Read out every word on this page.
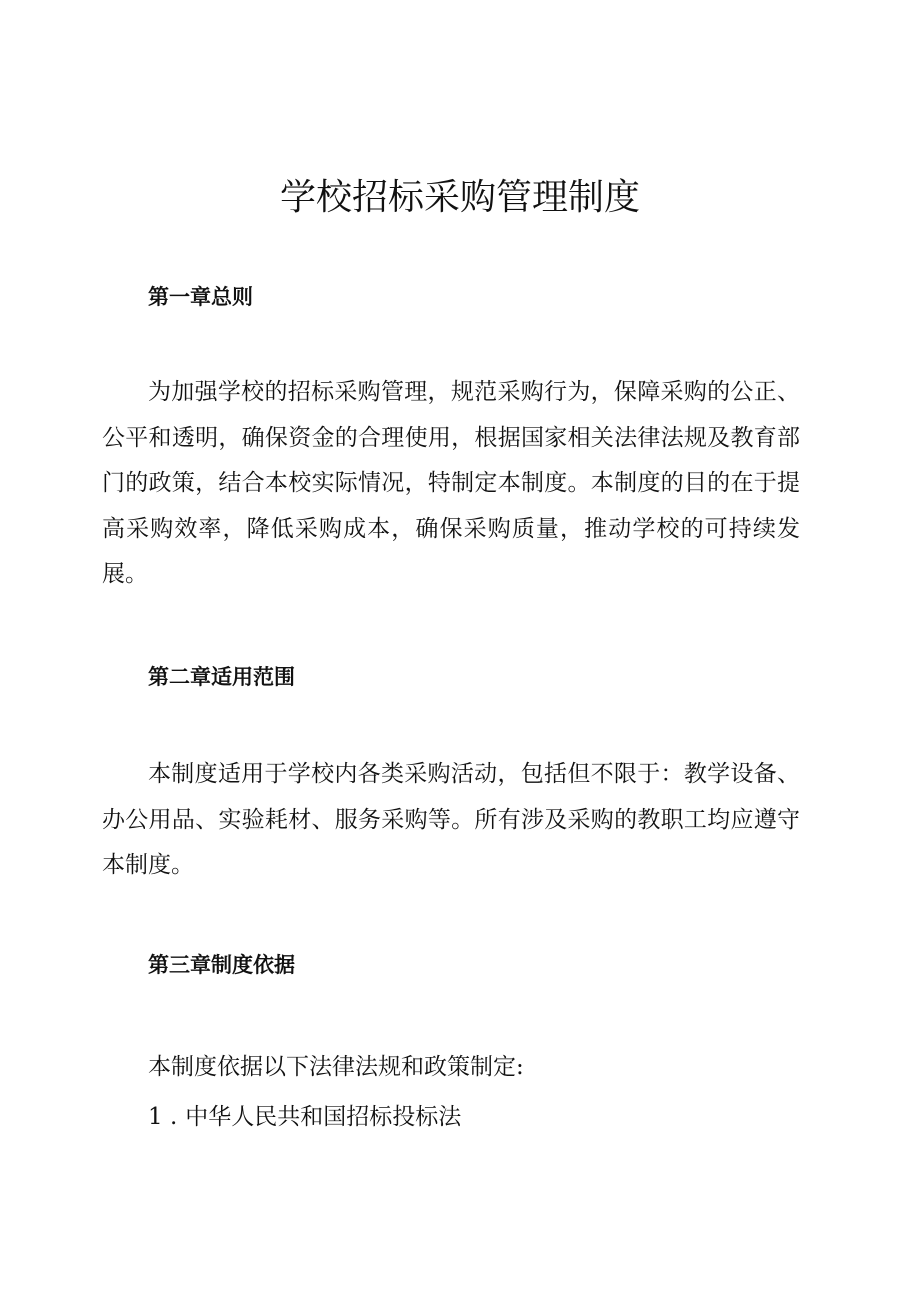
学校招标采购管理制度
第一章总则

为加强学校的招标采购管理，规范采购行为，保障采购的公正、公平和透明，确保资金的合理使用，根据国家相关法律法规及教育部门的政策，结合本校实际情况，特制定本制度。本制度的目的在于提高采购效率，降低采购成本，确保采购质量，推动学校的可持续发展。

第二章适用范围

本制度适用于学校内各类采购活动，包括但不限于：教学设备、办公用品、实验耗材、服务采购等。所有涉及采购的教职工均应遵守本制度。

第三章制度依据

本制度依据以下法律法规和政策制定:

1 . 中华人民共和国招标投标法
